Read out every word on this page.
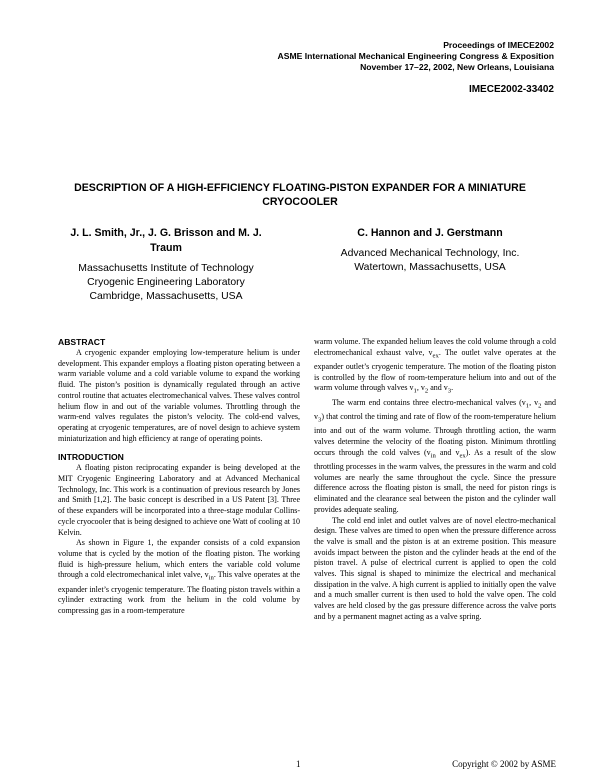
Proceedings of IMECE2002
ASME International Mechanical Engineering Congress & Exposition
November 17–22, 2002, New Orleans, Louisiana
IMECE2002-33402
DESCRIPTION OF A HIGH-EFFICIENCY FLOATING-PISTON EXPANDER FOR A MINIATURE
CRYOCOOLER
J. L. Smith, Jr., J. G. Brisson and M. J.
Traum
Massachusetts Institute of Technology
Cryogenic Engineering Laboratory
Cambridge, Massachusetts, USA
C. Hannon and J. Gerstmann
Advanced Mechanical Technology, Inc.
Watertown, Massachusetts, USA
ABSTRACT

A cryogenic expander employing low-temperature helium is under development. This expander employs a floating piston operating between a warm variable volume and a cold variable volume to expand the working fluid. The piston’s position is dynamically regulated through an active control routine that actuates electromechanical valves. These valves control helium flow in and out of the variable volumes. Throttling through the warm-end valves regulates the piston’s velocity. The cold-end valves, operating at cryogenic temperatures, are of novel design to achieve system miniaturization and high efficiency at range of operating points.

INTRODUCTION

A floating piston reciprocating expander is being developed at the MIT Cryogenic Engineering Laboratory and at Advanced Mechanical Technology, Inc. This work is a continuation of previous research by Jones and Smith [1,2]. The basic concept is described in a US Patent [3]. Three of these expanders will be incorporated into a three-stage modular Collins-cycle cryocooler that is being designed to achieve one Watt of cooling at 10 Kelvin.

As shown in Figure 1, the expander consists of a cold expansion volume that is cycled by the motion of the floating piston. The working fluid is high-pressure helium, which enters the variable cold volume through a cold electromechanical inlet valve, $v_{in}$. This valve operates at the expander inlet’s cryogenic temperature. The floating piston travels within a cylinder extracting work from the helium in the cold volume by compressing gas in a room-temperature

warm volume. The expanded helium leaves the cold volume through a cold electromechanical exhaust valve, $v_{ex}$. The outlet valve operates at the expander outlet’s cryogenic temperature. The motion of the floating piston is controlled by the flow of room-temperature helium into and out of the warm volume through valves $v_1$, $v_2$ and $v_3$.

The warm end contains three electro-mechanical valves ($v_1$, $v_2$ and $v_3$) that control the timing and rate of flow of the room-temperature helium into and out of the warm volume. Through throttling action, the warm valves determine the velocity of the floating piston. Minimum throttling occurs through the cold valves ($v_{in}$ and $v_{ex}$). As a result of the slow throttling processes in the warm valves, the pressures in the warm and cold volumes are nearly the same throughout the cycle. Since the pressure difference across the floating piston is small, the need for piston rings is eliminated and the clearance seal between the piston and the cylinder wall provides adequate sealing.

The cold end inlet and outlet valves are of novel electro-mechanical design. These valves are timed to open when the pressure difference across the valve is small and the piston is at an extreme position. This measure avoids impact between the piston and the cylinder heads at the end of the piston travel. A pulse of electrical current is applied to open the cold valves. This signal is shaped to minimize the electrical and mechanical dissipation in the valve. A high current is applied to initially open the valve and a much smaller current is then used to hold the valve open. The cold valves are held closed by the gas pressure difference across the valve ports and by a permanent magnet acting as a valve spring.

1	Copyright © 2002 by ASME
